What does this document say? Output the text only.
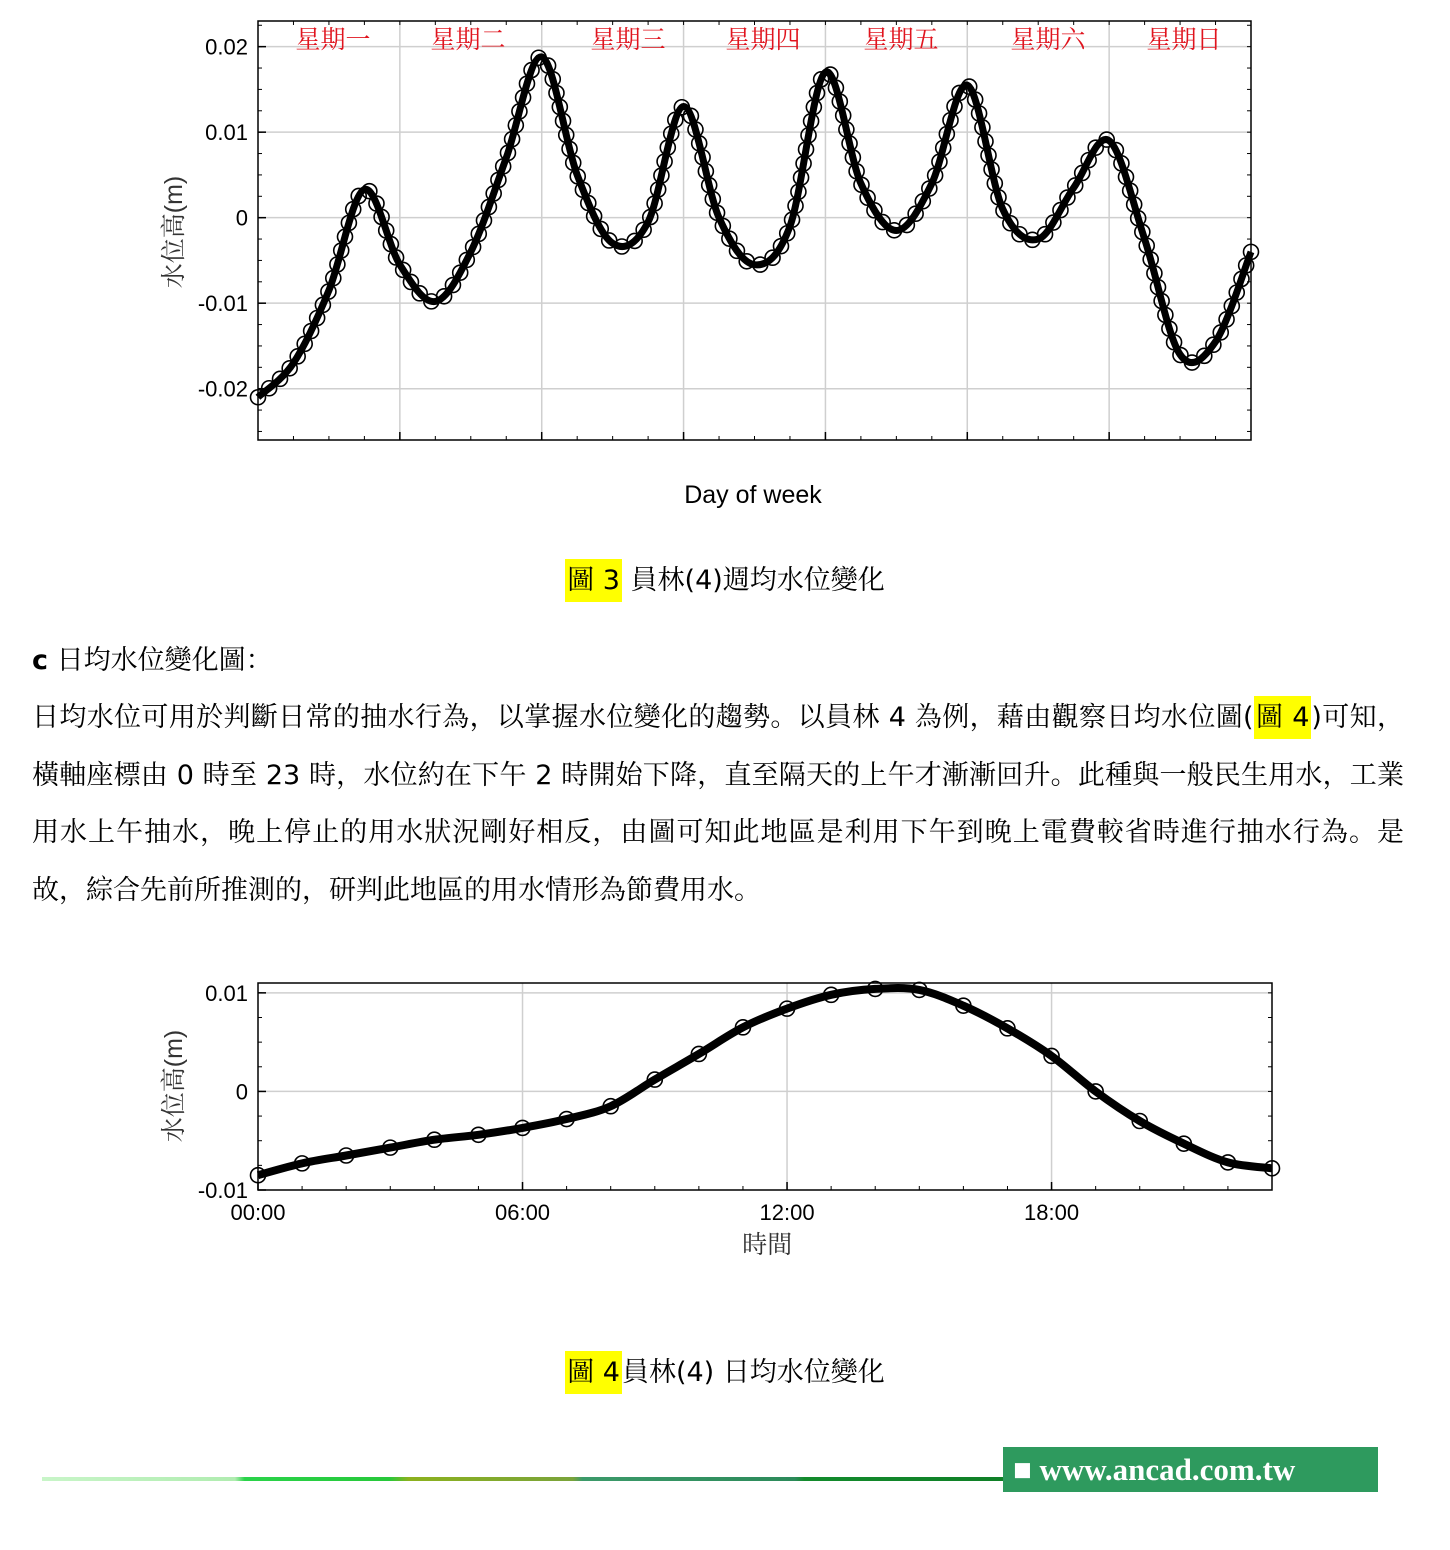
0.02
0.01
0
-0.01
-0.02
星期一 星期二	星期三 星期四	星期五	星期六 星期日
Day of week
水位高(m)
圖 3 員林(4)週均水位變化
c 日均水位變化圖：
日均水位可用於判斷日常的抽水行為，以掌握水位變化的趨勢。以員林 4 為例，藉由觀察日均水位圖(圖 4)可知，橫軸座標由 0 時至 23 時，水位約在下午 2 時開始下降，直至隔天的上午才漸漸回升。此種與一般民生用水，工業用水上午抽水，晚上停止的用水狀況剛好相反，由圖可知此地區是利用下午到晚上電費較省時進行抽水行為。是故，綜合先前所推測的，研判此地區的用水情形為節費用水。
00:00	06:00	12:00	18:00
0.01
0
-0.01
時間
水位高(m)
圖 4員林(4) 日均水位變化
■ www.ancad.com.tw
